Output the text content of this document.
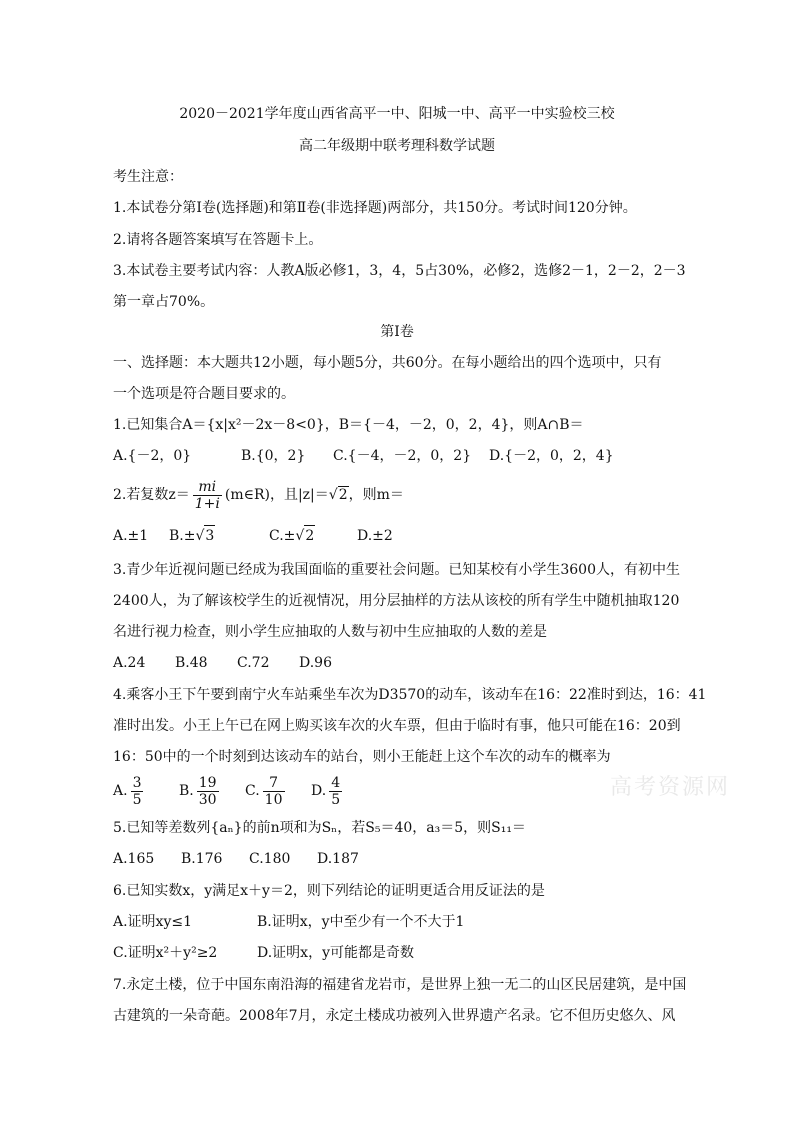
2020－2021学年度山西省高平一中、阳城一中、高平一中实验校三校
高二年级期中联考理科数学试题
考生注意：
1.本试卷分第Ⅰ卷(选择题)和第Ⅱ卷(非选择题)两部分，共150分。考试时间120分钟。
2.请将各题答案填写在答题卡上。
3.本试卷主要考试内容：人教A版必修1，3，4，5占30%，必修2，选修2－1，2－2，2－3
第一章占70%。
第Ⅰ卷
一、选择题：本大题共12小题，每小题5分，共60分。在每小题给出的四个选项中，只有
一个选项是符合题目要求的。
1.已知集合A＝{x|x²－2x－8<0}，B＝{－4，－2，0，2，4}，则A∩B＝
A.{－2，0}	B.{0，2} C.{－4，－2，0，2} D.{－2，0，2，4}
2.若复数$z= \frac{mi}{1+i}$ (m∈R)，且|z|＝√2，则m＝
A.±1 B.±√3	C.±√2	D.±2
3.青少年近视问题已经成为我国面临的重要社会问题。已知某校有小学生3600人，有初中生
2400人，为了解该校学生的近视情况，用分层抽样的方法从该校的所有学生中随机抽取120
名进行视力检查，则小学生应抽取的人数与初中生应抽取的人数的差是
A.24 B.48 C.72 D.96
4.乘客小王下午要到南宁火车站乘坐车次为D3570的动车，该动车在16：22准时到达，16：41
准时出发。小王上午已在网上购买该车次的火车票，但由于临时有事，他只可能在16：20到
16：50中的一个时刻到达该动车的站台，则小王能赶上这个车次的动车的概率为
A. $\frac{3}{5}$	B. $\frac{19}{30} C$. $\frac{7}{10} D$. $\frac{4}{5}$
5.已知等差数列{aₙ}的前n项和为Sₙ，若S₅＝40，a₃＝5，则S₁₁＝
A.165 B.176 C.180 D.187
6.已知实数x，y满足x＋y＝2，则下列结论的证明更适合用反证法的是
A.证明xy≤1	B.证明x，y中至少有一个不大于1
C.证明x²＋y²≥2	D.证明x，y可能都是奇数
7.永定土楼，位于中国东南沿海的福建省龙岩市，是世界上独一无二的山区民居建筑，是中国
古建筑的一朵奇葩。2008年7月，永定土楼成功被列入世界遗产名录。它不但历史悠久、风
高考资源网
